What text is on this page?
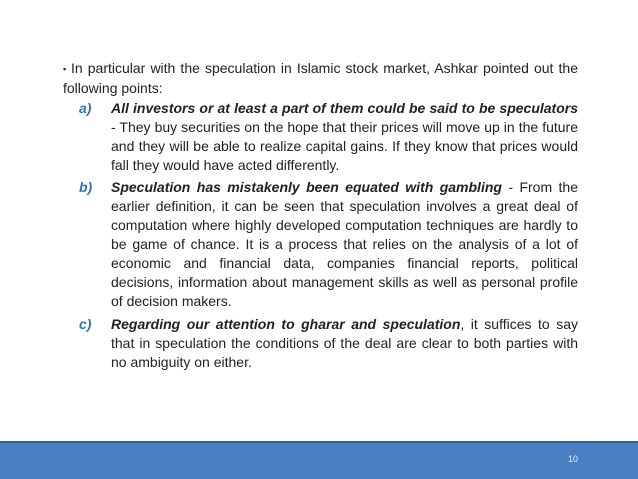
▪ In particular with the speculation in Islamic stock market, Ashkar pointed out the following points:

a) All investors or at least a part of them could be said to be speculators - They buy securities on the hope that their prices will move up in the future and they will be able to realize capital gains. If they know that prices would fall they would have acted differently.
b) Speculation has mistakenly been equated with gambling - From the earlier definition, it can be seen that speculation involves a great deal of computation where highly developed computation techniques are hardly to be game of chance. It is a process that relies on the analysis of a lot of economic and financial data, companies financial reports, political decisions, information about management skills as well as personal profile of decision makers.
c) Regarding our attention to gharar and speculation, it suffices to say that in speculation the conditions of the deal are clear to both parties with no ambiguity on either.
10
